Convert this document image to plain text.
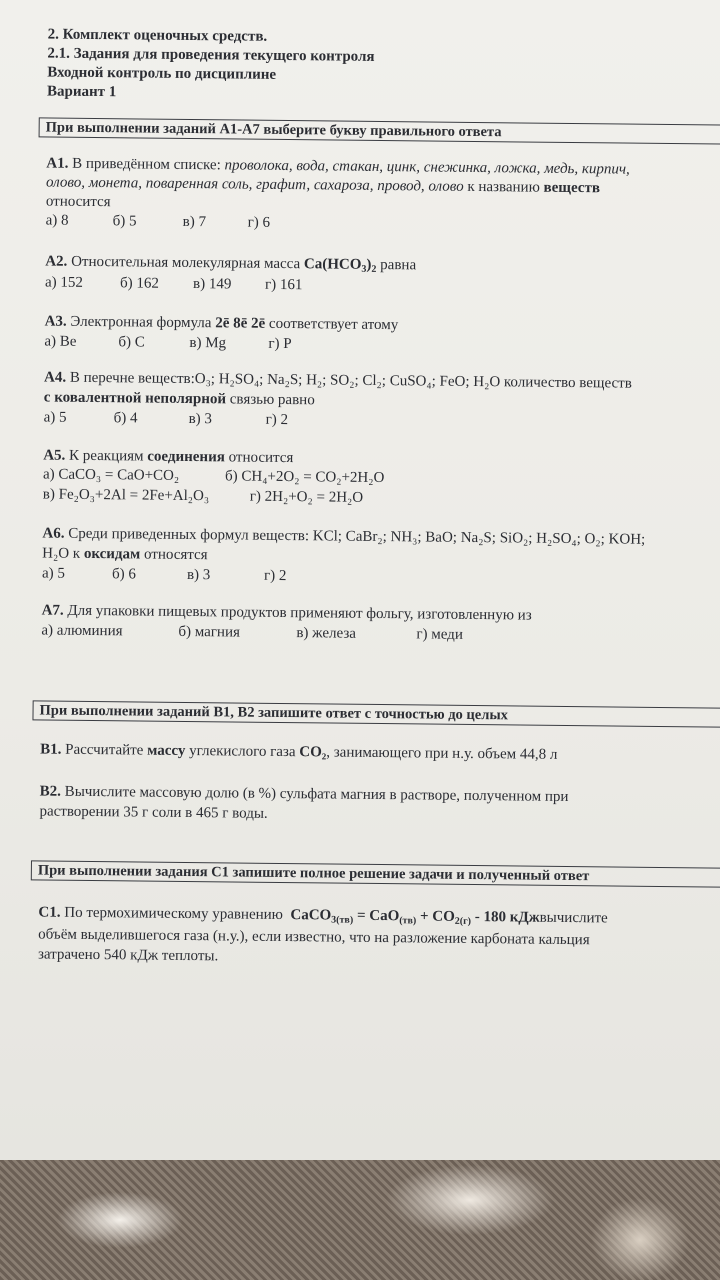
2. Комплект оценочных средств.
2.1. Задания для проведения текущего контроля
Входной контроль по дисциплине
Вариант 1
При выполнении заданий А1-А7 выберите букву правильного ответа
А1. В приведённом списке: проволока, вода, стакан, цинк, снежинка, ложка, медь, кирпич,
олово, монета, поваренная соль, графит, сахароза, провод, олово к названию веществ
относится
а) 8	б) 5	в) 7	г) 6
А2. Относительная молекулярная масса $Ca(HCO_3)_2$ равна
а) 152 б) 162 в) 149 г) 161
А3. Электронная формула 2ē 8ē 2ē соответствует атому
а) Be	б) C	в) Mg	г) P
А4. В перечне веществ:O₃; H₂SO₄; Na₂S; H₂; SO₂; Cl₂; CuSO₄; FeO; H₂O количество веществ
с ковалентной неполярной связью равно
а) 5	б) 4	в) 3	г) 2
А5. К реакциям соединения относится
а) CaCO₃ = CaO+CO₂	б) CH₄+2O₂ = CO₂+2H₂O
в) Fe₂O₃+2Al = 2Fe+Al₂O₃	г) 2H₂+O₂ = 2H₂O
А6. Среди приведенных формул веществ: KCl; CaBr₂; NH₃; BaO; Na₂S; SiO₂; H₂SO₄; O₂; KOH;
H₂O к оксидам относятся
а) 5	б) 6	в) 3	г) 2
А7. Для упаковки пищевых продуктов применяют фольгу, изготовленную из
а) алюминия	б) магния	в) железа	г) меди
При выполнении заданий В1, В2 запишите ответ с точностью до целых
В1. Рассчитайте массу углекислого газа CO₂, занимающего при н.у. объем 44,8 л
В2. Вычислите массовую долю (в %) сульфата магния в растворе, полученном при
растворении 35 г соли в 465 г воды.
При выполнении задания С1 запишите полное решение задачи и полученный ответ
С1. По термохимическому уравнению CaCO$_{3(тв)}$ = $CaO_{(тв)} + CO_{2(г)} - 180$ кДжвычислите
объём выделившегося газа (н.у.), если известно, что на разложение карбоната кальция
затрачено 540 кДж теплоты.
